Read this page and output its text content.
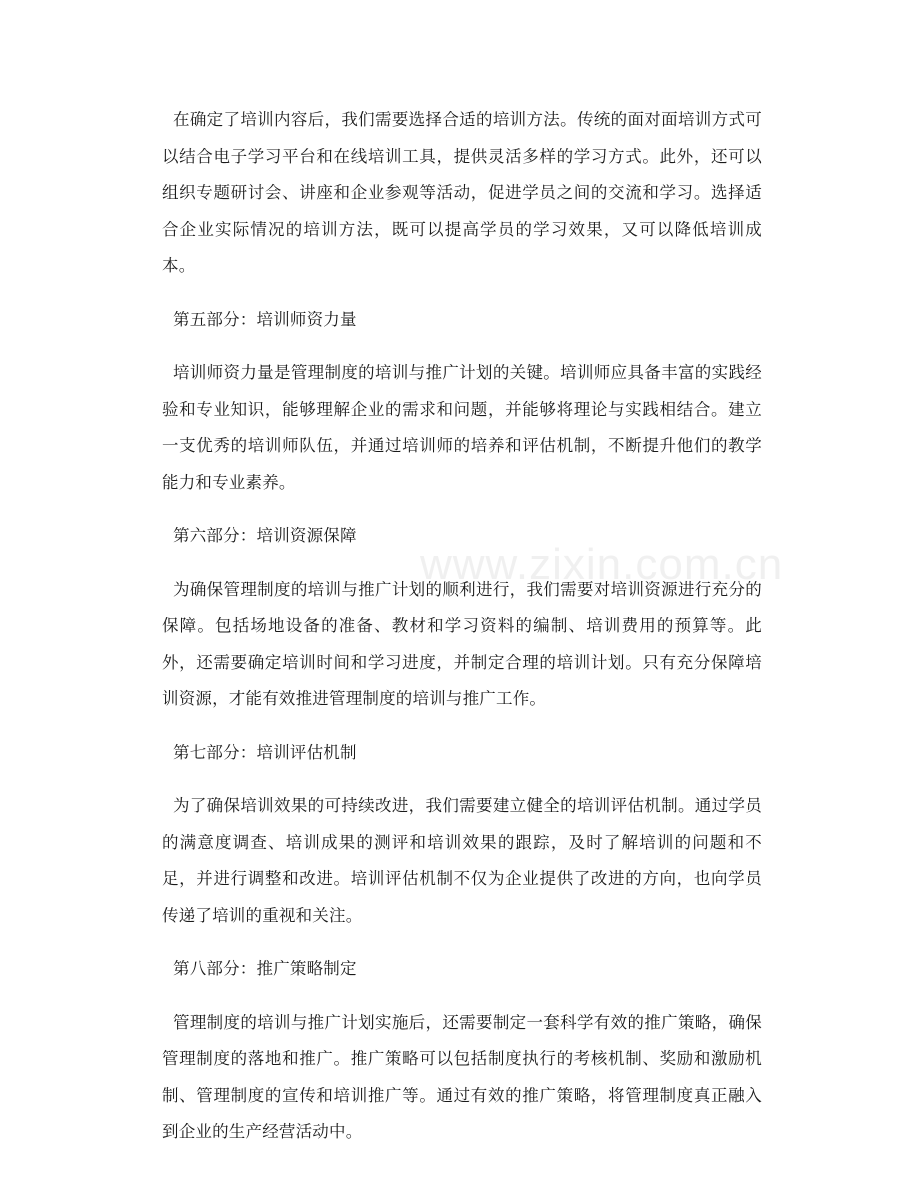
在确定了培训内容后，我们需要选择合适的培训方法。传统的面对面培训方式可以结合电子学习平台和在线培训工具，提供灵活多样的学习方式。此外，还可以组织专题研讨会、讲座和企业参观等活动，促进学员之间的交流和学习。选择适合企业实际情况的培训方法，既可以提高学员的学习效果，又可以降低培训成本。

第五部分：培训师资力量

培训师资力量是管理制度的培训与推广计划的关键。培训师应具备丰富的实践经验和专业知识，能够理解企业的需求和问题，并能够将理论与实践相结合。建立一支优秀的培训师队伍，并通过培训师的培养和评估机制，不断提升他们的教学能力和专业素养。

第六部分：培训资源保障

为确保管理制度的培训与推广计划的顺利进行，我们需要对培训资源进行充分的保障。包括场地设备的准备、教材和学习资料的编制、培训费用的预算等。此外，还需要确定培训时间和学习进度，并制定合理的培训计划。只有充分保障培训资源，才能有效推进管理制度的培训与推广工作。

第七部分：培训评估机制

为了确保培训效果的可持续改进，我们需要建立健全的培训评估机制。通过学员的满意度调查、培训成果的测评和培训效果的跟踪，及时了解培训的问题和不足，并进行调整和改进。培训评估机制不仅为企业提供了改进的方向，也向学员传递了培训的重视和关注。

第八部分：推广策略制定

管理制度的培训与推广计划实施后，还需要制定一套科学有效的推广策略，确保管理制度的落地和推广。推广策略可以包括制度执行的考核机制、奖励和激励机制、管理制度的宣传和培训推广等。通过有效的推广策略，将管理制度真正融入到企业的生产经营活动中。

www.zixin.com.cn
